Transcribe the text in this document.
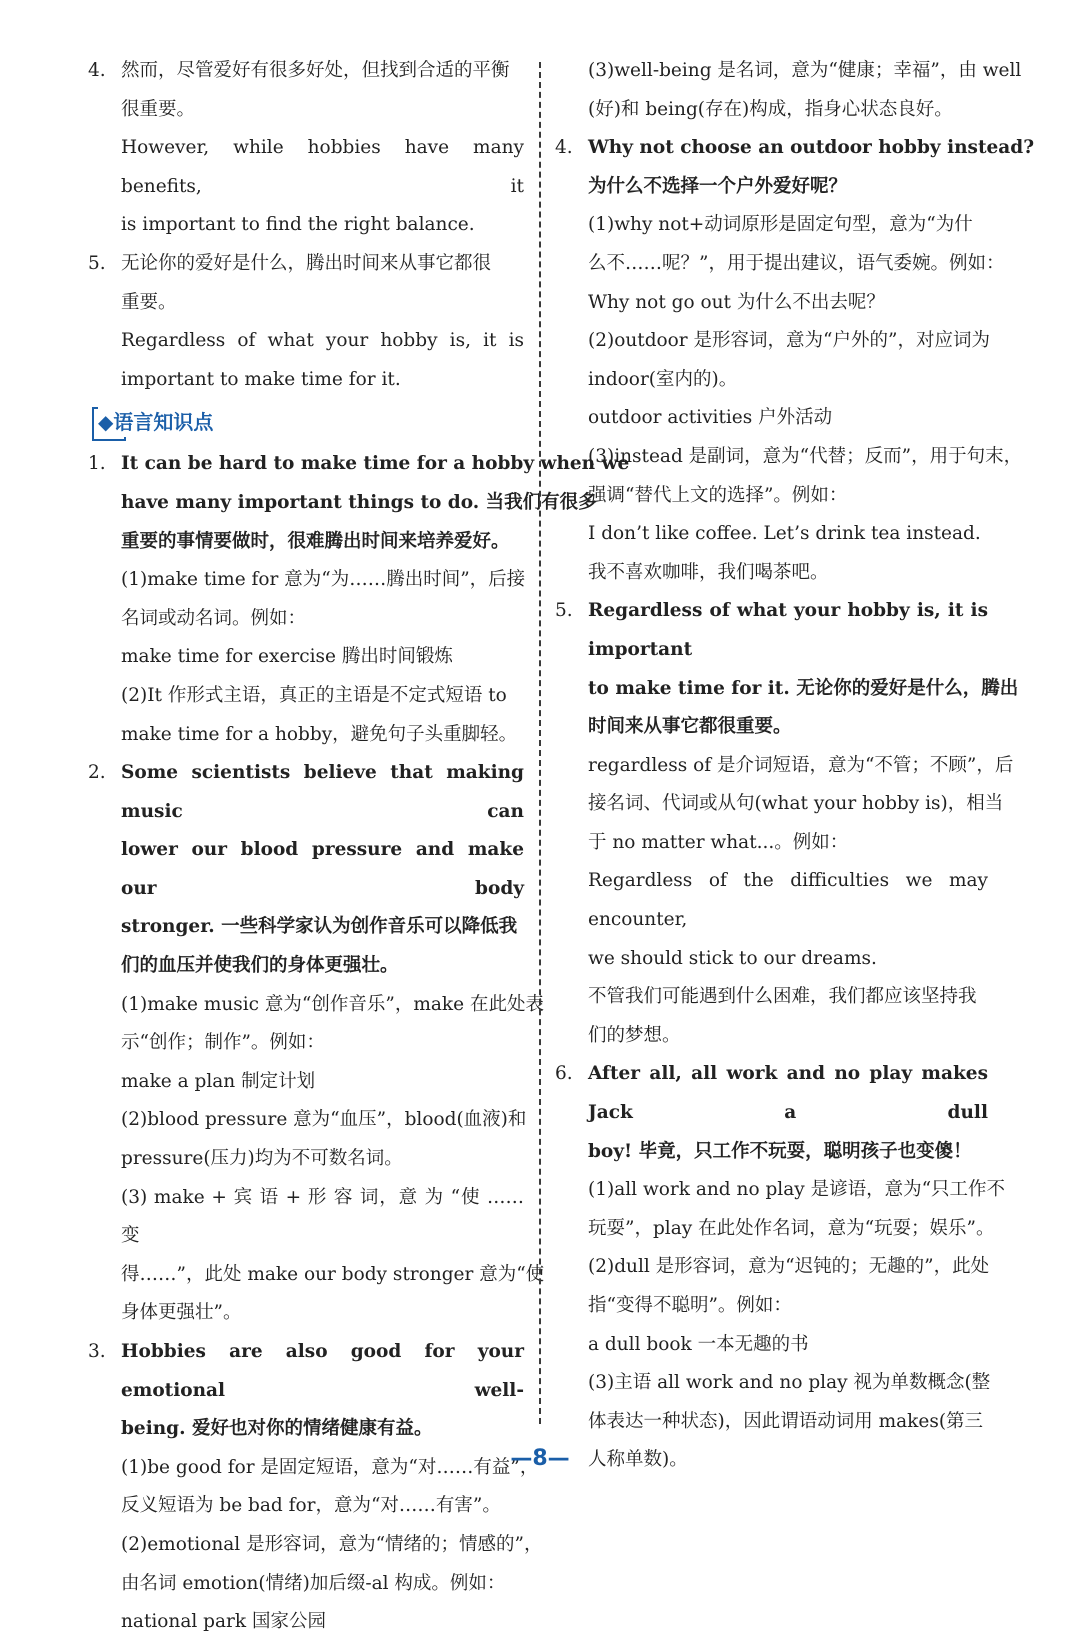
4. 然而，尽管爱好有很多好处，但找到合适的平衡
很重要。
However, while hobbies have many benefits, it
is important to find the right balance.
5. 无论你的爱好是什么，腾出时间来从事它都很
重要。
Regardless of what your hobby is, it is
important to make time for it.
◆语言知识点
1. It can be hard to make time for a hobby when we
have many important things to do. 当我们有很多
重要的事情要做时，很难腾出时间来培养爱好。
(1)make time for 意为“为……腾出时间”，后接
名词或动名词。例如：
make time for exercise 腾出时间锻炼
(2)It 作形式主语，真正的主语是不定式短语 to
make time for a hobby，避免句子头重脚轻。
2. Some scientists believe that making music can
lower our blood pressure and make our body
stronger. 一些科学家认为创作音乐可以降低我
们的血压并使我们的身体更强壮。
(1)make music 意为“创作音乐”，make 在此处表
示“创作；制作”。例如：
make a plan 制定计划
(2)blood pressure 意为“血压”，blood(血液)和
pressure(压力)均为不可数名词。
(3) make + 宾 语 + 形 容 词，意 为 “使 …… 变
得……”，此处 make our body stronger 意为“使
身体更强壮”。
3. Hobbies are also good for your emotional well-
being. 爱好也对你的情绪健康有益。
(1)be good for 是固定短语，意为“对……有益”，
反义短语为 be bad for，意为“对……有害”。
(2)emotional 是形容词，意为“情绪的；情感的”，
由名词 emotion(情绪)加后缀-al 构成。例如：
national park 国家公园
(3)well-being 是名词，意为“健康；幸福”，由 well
(好)和 being(存在)构成，指身心状态良好。
4. Why not choose an outdoor hobby instead?
为什么不选择一个户外爱好呢？
(1)why not+动词原形是固定句型，意为“为什
么不……呢？”，用于提出建议，语气委婉。例如：
Why not go out 为什么不出去呢？
(2)outdoor 是形容词，意为“户外的”，对应词为
indoor(室内的)。
outdoor activities 户外活动
(3)instead 是副词，意为“代替；反而”，用于句末，
强调“替代上文的选择”。例如：
I don’t like coffee. Let’s drink tea instead.
我不喜欢咖啡，我们喝茶吧。
5. Regardless of what your hobby is, it is important
to make time for it. 无论你的爱好是什么，腾出
时间来从事它都很重要。
regardless of 是介词短语，意为“不管；不顾”，后
接名词、代词或从句(what your hobby is)，相当
于 no matter what...。例如：
Regardless of the difficulties we may encounter,
we should stick to our dreams.
不管我们可能遇到什么困难，我们都应该坚持我
们的梦想。
6. After all, all work and no play makes Jack a dull
boy! 毕竟，只工作不玩耍，聪明孩子也变傻！
(1)all work and no play 是谚语，意为“只工作不
玩耍”，play 在此处作名词，意为“玩耍；娱乐”。
(2)dull 是形容词，意为“迟钝的；无趣的”，此处
指“变得不聪明”。例如：
a dull book 一本无趣的书
(3)主语 all work and no play 视为单数概念(整
体表达一种状态)，因此谓语动词用 makes(第三
人称单数)。
—8—
